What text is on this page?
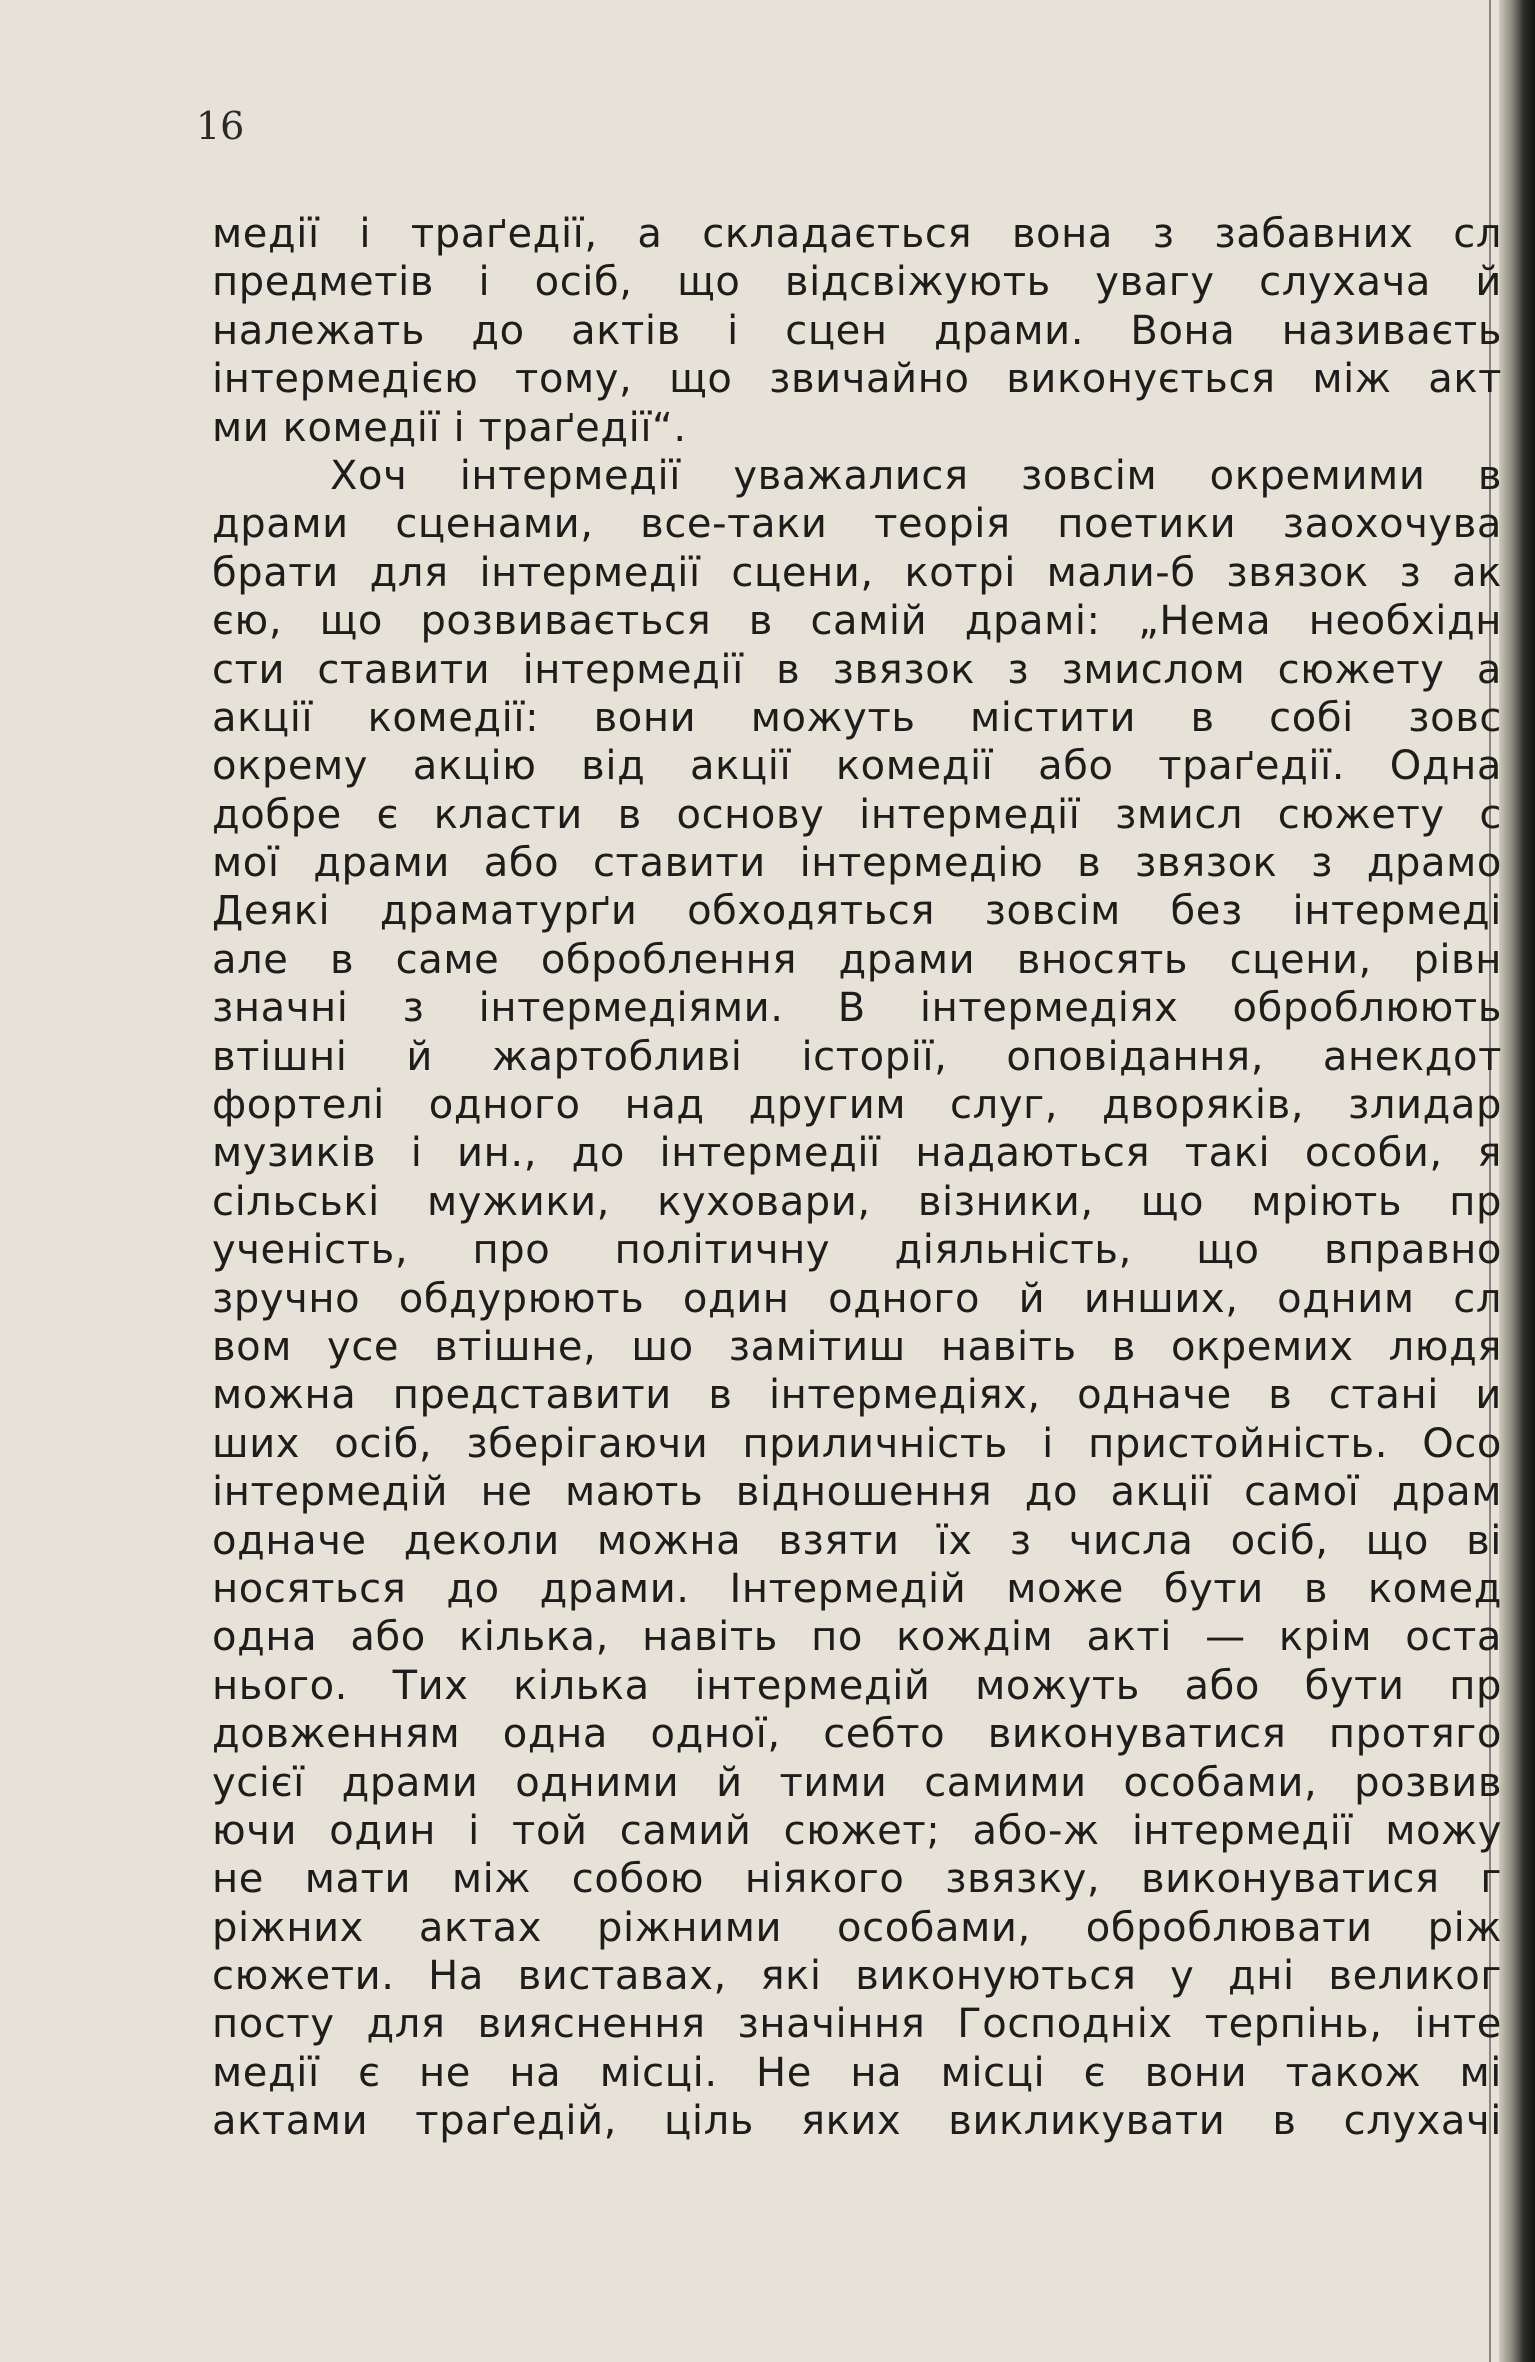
16

медії і траґедії, а складається вона з забавних сл
предметів і осіб, що відсвіжують увагу слухача й
належать до актів і сцен драми. Вона називаєть
інтермедією тому, що звичайно виконується між акт
ми комедії і траґедії“.
Хоч інтермедії уважалися зовсім окремими в
драми сценами, все-таки теорія поетики заохочува
брати для інтермедії сцени, котрі мали-б звязок з ак
єю, що розвивається в самій драмі: „Нема необхідн
сти ставити інтермедії в звязок з змислом сюжету а
акції комедії: вони можуть містити в собі зовс
окрему акцію від акції комедії або траґедії. Одна
добре є класти в основу інтермедії змисл сюжету с
мої драми або ставити інтермедію в звязок з драмо
Деякі драматурґи обходяться зовсім без інтермеді
але в саме оброблення драми вносять сцени, рівн
значні з інтермедіями. В інтермедіях оброблюють
втішні й жартобливі історії, оповідання, анекдот
фортелі одного над другим слуг, дворяків, злидар
музиків і ин., до інтермедії надаються такі особи, я
сільські мужики, куховари, візники, що мріють пр
ученість, про політичну діяльність, що вправно
зручно обдурюють один одного й инших, одним сл
вом усе втішне, шо замітиш навіть в окремих людя
можна представити в інтермедіях, одначе в стані и
ших осіб, зберігаючи приличність і пристойність. Осо
інтермедій не мають відношення до акції самої драм
одначе деколи можна взяти їх з числа осіб, що ві
носяться до драми. Інтермедій може бути в комед
одна або кілька, навіть по кождім акті — крім оста
нього. Тих кілька інтермедій можуть або бути пр
довженням одна одної, себто виконуватися протяго
усієї драми одними й тими самими особами, розвив
ючи один і той самий сюжет; або-ж інтермедії можу
не мати між собою ніякого звязку, виконуватися г
ріжних актах ріжними особами, оброблювати ріж
сюжети. На виставах, які виконуються у дні великог
посту для вияснення значіння Господніх терпінь, інте
медії є не на місці. Не на місці є вони також мі
актами траґедій, ціль яких викликувати в слухачі
